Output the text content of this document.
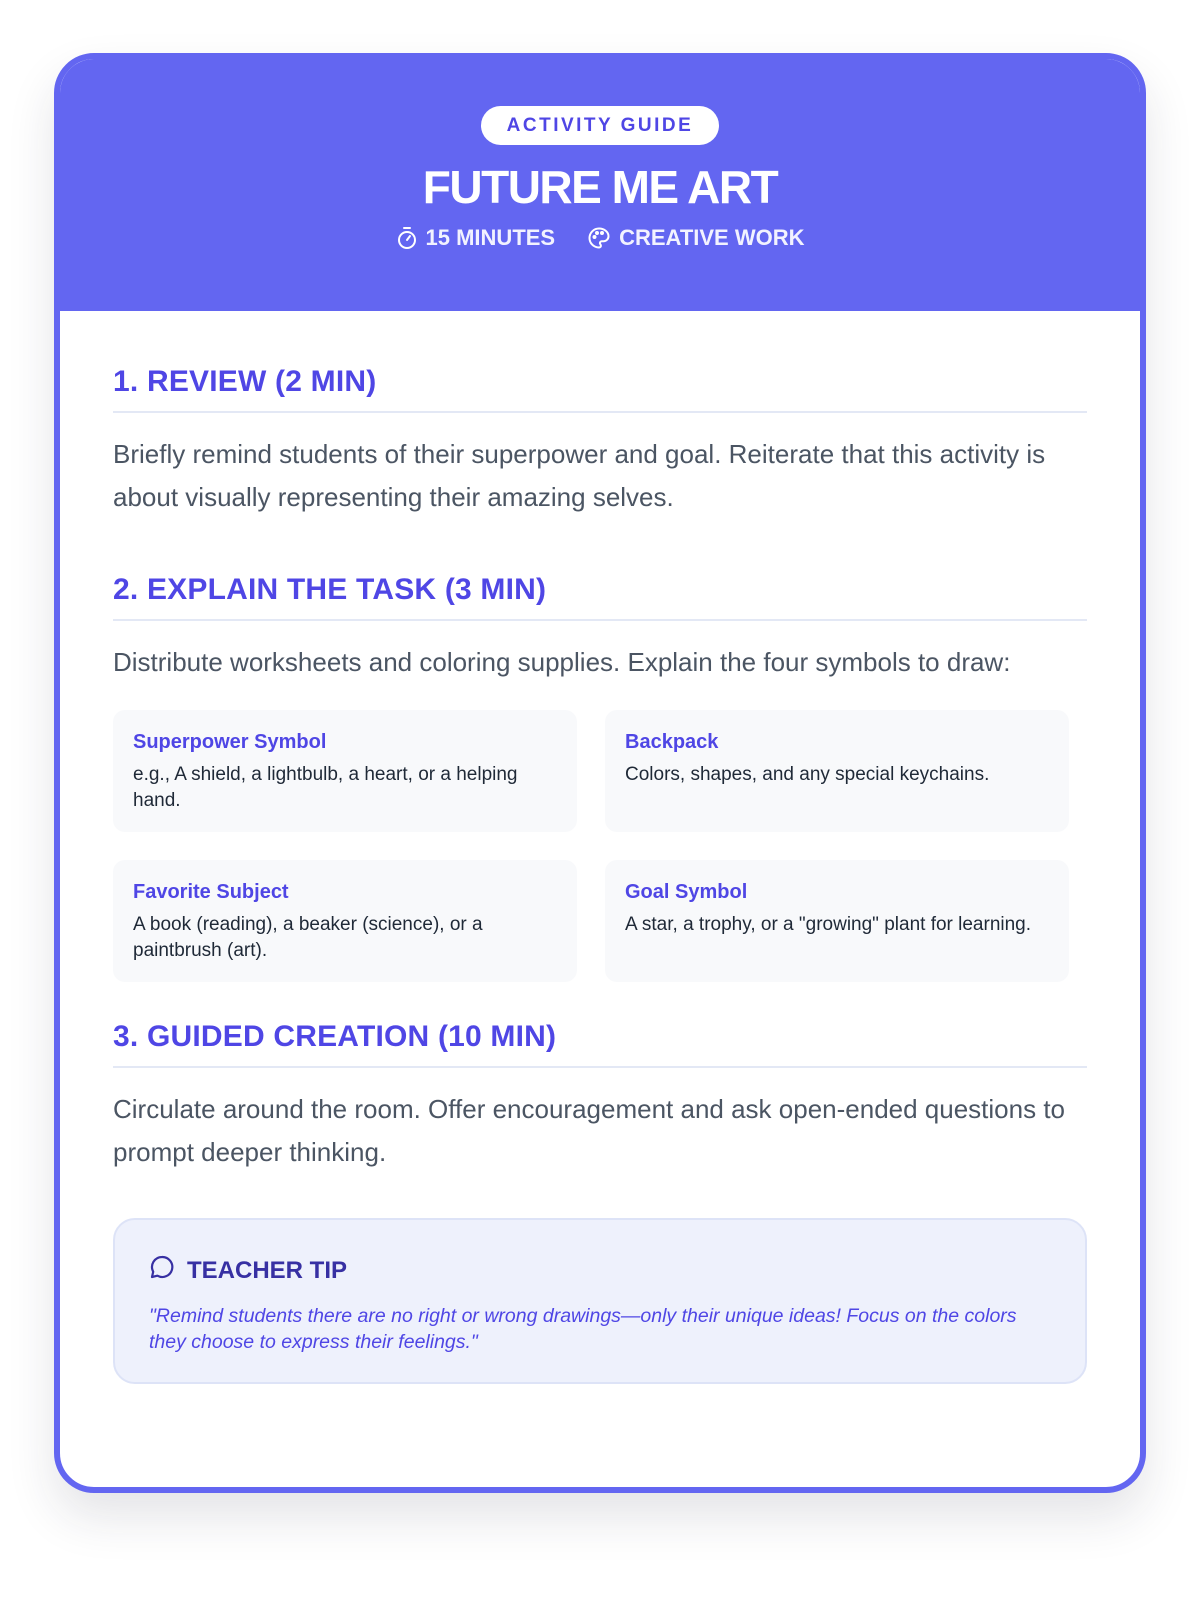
ACTIVITY GUIDE
FUTURE ME ART
15 MINUTES	CREATIVE WORK
1. REVIEW (2 MIN)

Briefly remind students of their superpower and goal. Reiterate that this activity is about visually representing their amazing selves.

2. EXPLAIN THE TASK (3 MIN)

Distribute worksheets and coloring supplies. Explain the four symbols to draw:

Superpower Symbol
e.g., A shield, a lightbulb, a heart, or a helping hand.
Backpack
Colors, shapes, and any special keychains.
Favorite Subject
A book (reading), a beaker (science), or a paintbrush (art).
Goal Symbol
A star, a trophy, or a "growing" plant for learning.
3. GUIDED CREATION (10 MIN)

Circulate around the room. Offer encouragement and ask open-ended questions to prompt deeper thinking.

TEACHER TIP
"Remind students there are no right or wrong drawings—only their unique ideas! Focus on the colors they choose to express their feelings."
